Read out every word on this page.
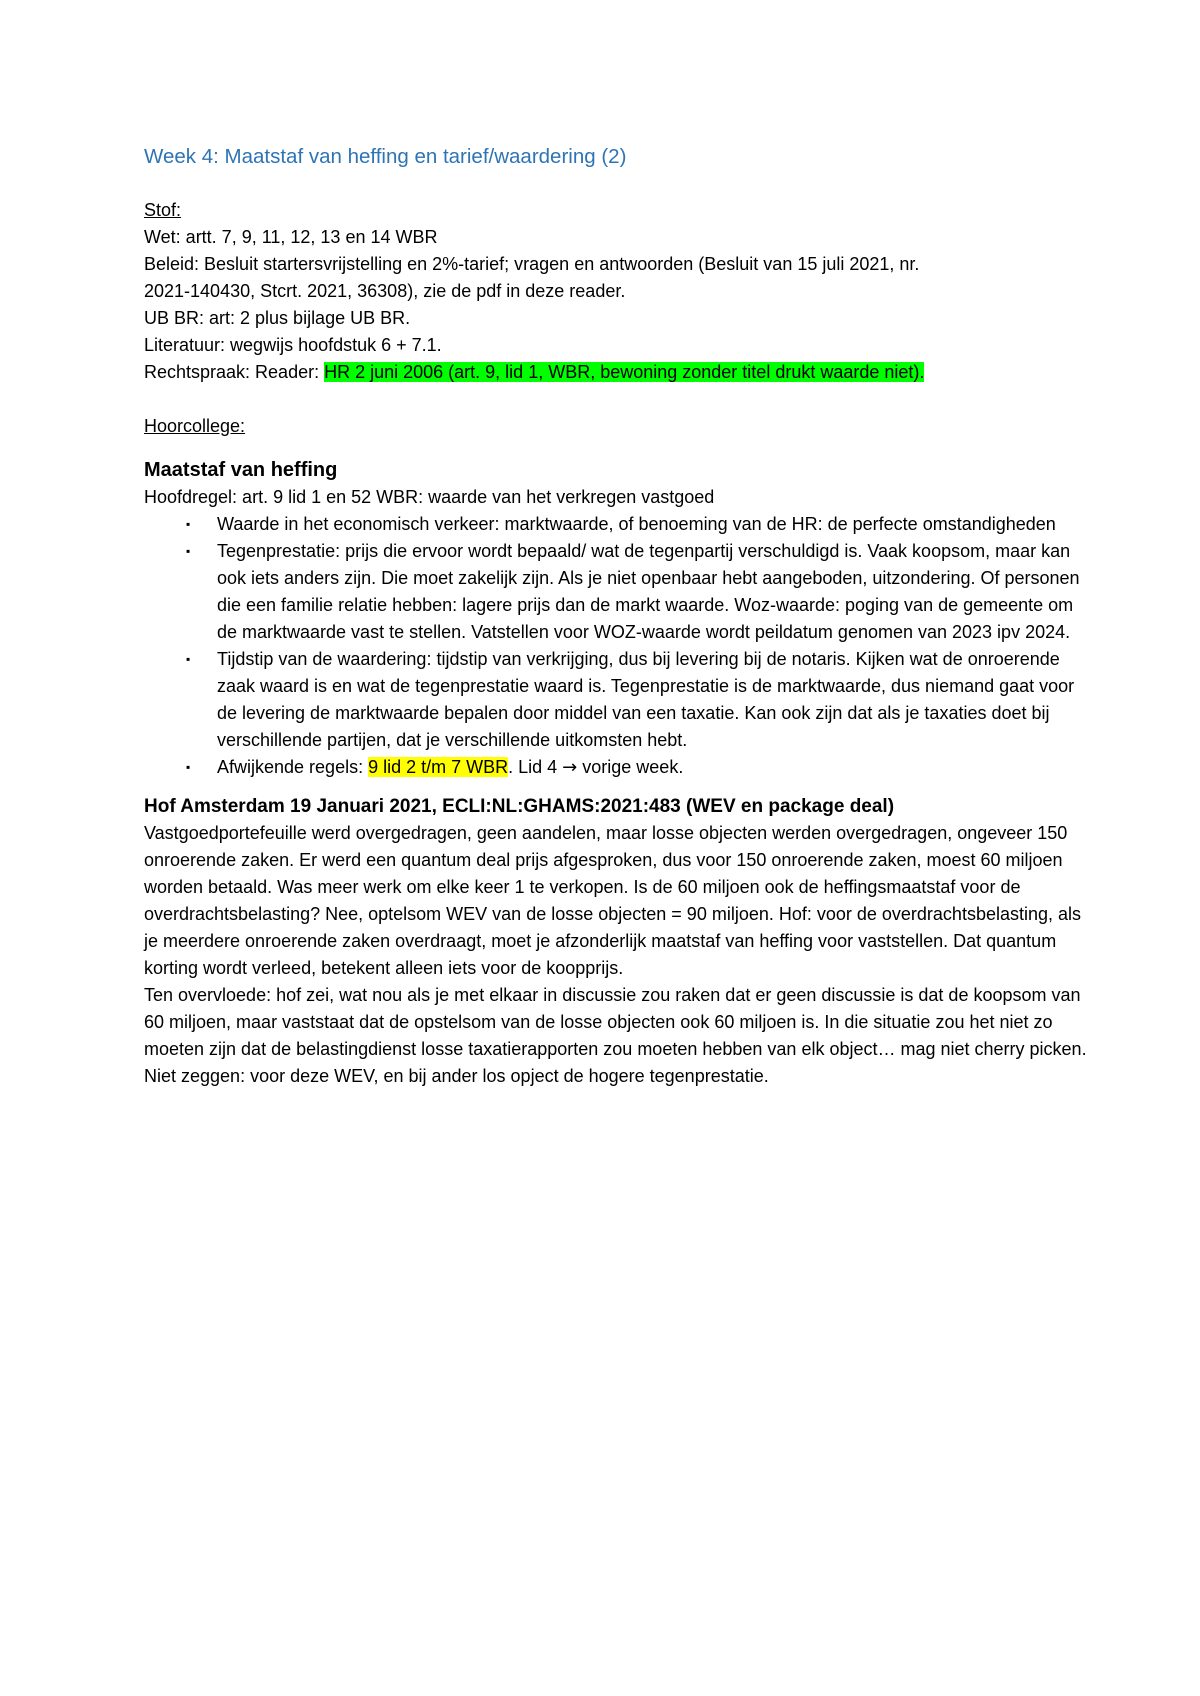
Week 4: Maatstaf van heffing en tarief/waardering (2)

Stof:

Wet: artt. 7, 9, 11, 12, 13 en 14 WBR

Beleid: Besluit startersvrijstelling en 2%-tarief; vragen en antwoorden (Besluit van 15 juli 2021, nr.

2021-140430, Stcrt. 2021, 36308), zie de pdf in deze reader.

UB BR: art: 2 plus bijlage UB BR.

Literatuur: wegwijs hoofdstuk 6 + 7.1.

Rechtspraak: Reader: HR 2 juni 2006 (art. 9, lid 1, WBR, bewoning zonder titel drukt waarde niet).

Hoorcollege:

Maatstaf van heffing

Hoofdregel: art. 9 lid 1 en 52 WBR: waarde van het verkregen vastgoed

▪ Waarde in het economisch verkeer: marktwaarde, of benoeming van de HR: de perfecte omstandigheden
▪ Tegenprestatie: prijs die ervoor wordt bepaald/ wat de tegenpartij verschuldigd is. Vaak koopsom, maar kan ook iets anders zijn. Die moet zakelijk zijn. Als je niet openbaar hebt aangeboden, uitzondering. Of personen die een familie relatie hebben: lagere prijs dan de markt waarde. Woz-waarde: poging van de gemeente om de marktwaarde vast te stellen. Vatstellen voor WOZ-waarde wordt peildatum genomen van 2023 ipv 2024.
▪ Tijdstip van de waardering: tijdstip van verkrijging, dus bij levering bij de notaris. Kijken wat de onroerende zaak waard is en wat de tegenprestatie waard is. Tegenprestatie is de marktwaarde, dus niemand gaat voor de levering de marktwaarde bepalen door middel van een taxatie. Kan ook zijn dat als je taxaties doet bij verschillende partijen, dat je verschillende uitkomsten hebt.
▪ Afwijkende regels: 9 lid 2 t/m 7 WBR. Lid 4 → vorige week.
Hof Amsterdam 19 Januari 2021, ECLI:NL:GHAMS:2021:483 (WEV en package deal)

Vastgoedportefeuille werd overgedragen, geen aandelen, maar losse objecten werden overgedragen, ongeveer 150 onroerende zaken. Er werd een quantum deal prijs afgesproken, dus voor 150 onroerende zaken, moest 60 miljoen worden betaald. Was meer werk om elke keer 1 te verkopen. Is de 60 miljoen ook de heffingsmaatstaf voor de overdrachtsbelasting? Nee, optelsom WEV van de losse objecten = 90 miljoen. Hof: voor de overdrachtsbelasting, als je meerdere onroerende zaken overdraagt, moet je afzonderlijk maatstaf van heffing voor vaststellen. Dat quantum korting wordt verleed, betekent alleen iets voor de koopprijs.

Ten overvloede: hof zei, wat nou als je met elkaar in discussie zou raken dat er geen discussie is dat de koopsom van 60 miljoen, maar vaststaat dat de opstelsom van de losse objecten ook 60 miljoen is. In die situatie zou het niet zo moeten zijn dat de belastingdienst losse taxatierapporten zou moeten hebben van elk object… mag niet cherry picken. Niet zeggen: voor deze WEV, en bij ander los opject de hogere tegenprestatie.
